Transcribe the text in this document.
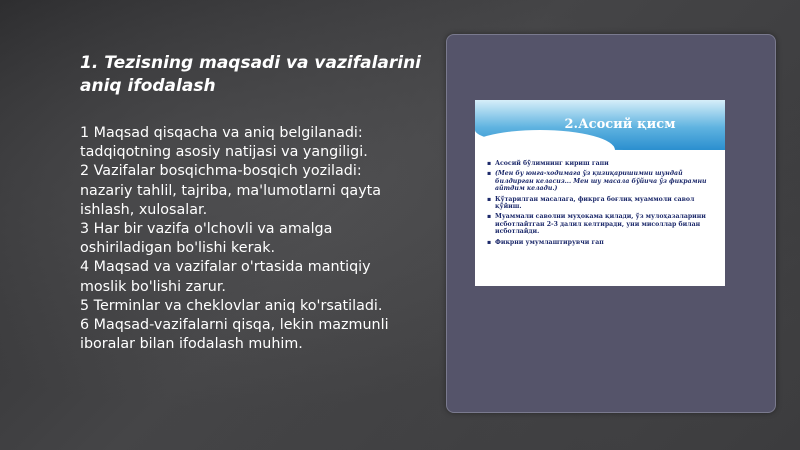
1. Tezisning maqsadi va vazifalarini
aniq ifodalash
1 Maqsad qisqacha va aniq belgilanadi:
tadqiqotning asosiy natijasi va yangiligi.
2 Vazifalar bosqichma-bosqich yoziladi:
nazariy tahlil, tajriba, ma'lumotlarni qayta
ishlash, xulosalar.
3 Har bir vazifa o'lchovli va amalga
oshiriladigan bo'lishi kerak.
4 Maqsad va vazifalar o'rtasida mantiqiy
moslik bo'lishi zarur.
5 Terminlar va cheklovlar aniq ko'rsatiladi.
6 Maqsad-vazifalarni qisqa, lekin mazmunli
iboralar bilan ifodalash muhim.
2.Асосий қисм
▪ Асосий бўлимнинг кириш гапи
▪ (Мен бу юнга-ходимага ўз қизиқаришимни шундай билдирган келасиз... Мен шу масала бўйича ўз фикрамни айтдим келади.)
▪ Кўтарилган масалага, фикрга боғлиқ муаммоли савол қўйиш.
▪ Муаммали саволни муҳокама қилади, ўз мулоҳазаларини исботлайтган 2-3 далил келтиради, уни мисоллар билан исботлайди.
▪ Фикрни умумлаштирувчи гап
